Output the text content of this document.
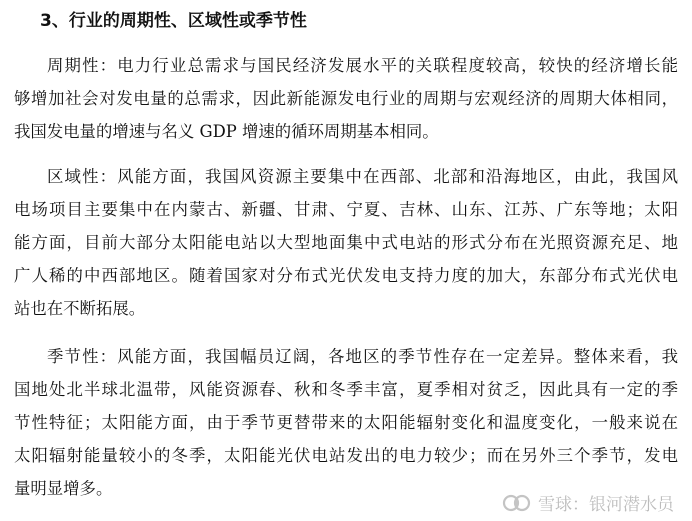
3、行业的周期性、区域性或季节性
周期性：电力行业总需求与国民经济发展水平的关联程度较高，较快的经济增长能
够增加社会对发电量的总需求，因此新能源发电行业的周期与宏观经济的周期大体相同，
我国发电量的增速与名义 GDP 增速的循环周期基本相同。
区域性：风能方面，我国风资源主要集中在西部、北部和沿海地区，由此，我国风
电场项目主要集中在内蒙古、新疆、甘肃、宁夏、吉林、山东、江苏、广东等地；太阳
能方面，目前大部分太阳能电站以大型地面集中式电站的形式分布在光照资源充足、地
广人稀的中西部地区。随着国家对分布式光伏发电支持力度的加大，东部分布式光伏电
站也在不断拓展。
季节性：风能方面，我国幅员辽阔，各地区的季节性存在一定差异。整体来看，我
国地处北半球北温带，风能资源春、秋和冬季丰富，夏季相对贫乏，因此具有一定的季
节性特征；太阳能方面，由于季节更替带来的太阳能辐射变化和温度变化，一般来说在
太阳辐射能量较小的冬季，太阳能光伏电站发出的电力较少；而在另外三个季节，发电
量明显增多。
雪球：银河潜水员
